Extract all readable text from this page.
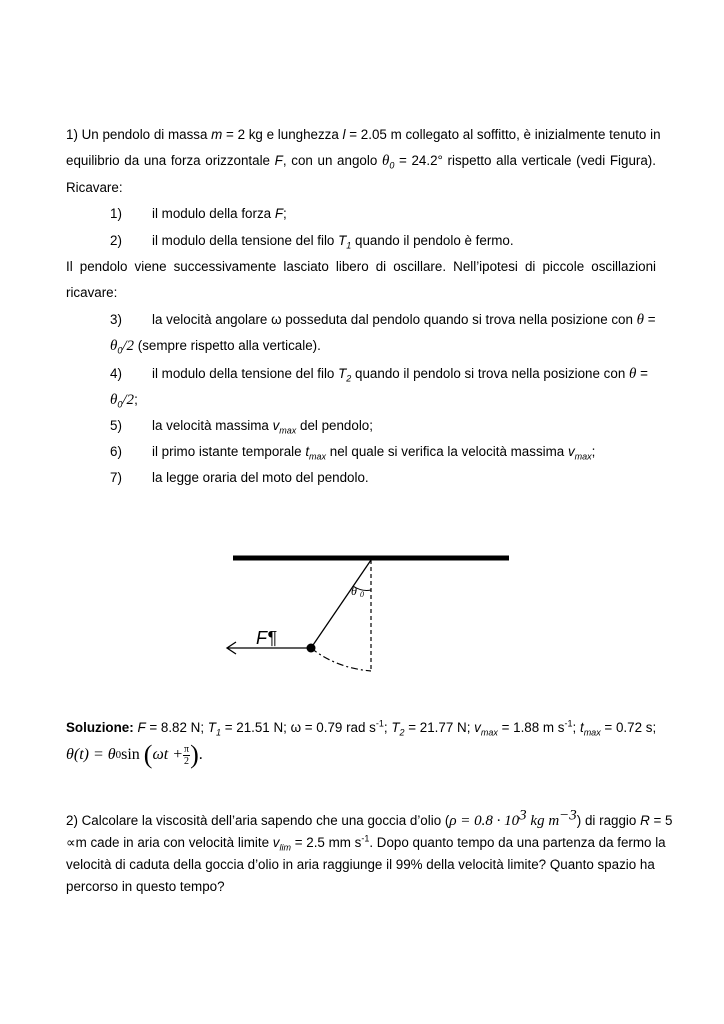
1) Un pendolo di massa m = 2 kg e lunghezza l = 2.05 m collegato al soffitto, è inizialmente tenuto in
equilibrio da una forza orizzontale F, con un angolo $\theta_0 = 24.2^\circ$ rispetto alla verticale (vedi Figura).
Ricavare:
1) il modulo della forza F;
2) il modulo della tensione del filo $T_1$ quando il pendolo è fermo.
Il pendolo viene successivamente lasciato libero di oscillare. Nell’ipotesi di piccole oscillazioni
ricavare:
3) la velocità angolare ω posseduta dal pendolo quando si trova nella posizione con θ =
$\theta_0/2$ (sempre rispetto alla verticale).
4) il modulo della tensione del filo $T_2$ quando il pendolo si trova nella posizione con θ =
$\theta_0/2$;
5) la velocità massima $v_{max}$ del pendolo;
6) il primo istante temporale $t_{max}$ nel quale si verifica la velocità massima $v_{max}$;
7) la legge oraria del moto del pendolo.
F¶
θ 0
Soluzione: F = 8.82 N; $T_1 = 21.51$ N; ω = 0.79 rad $s^{-1}$; $T_2 = 21.77$ N; $v_{max} = 1.88$ m $s^{-1}$; $t_{max} = 0.72$ s;
θ(t) = θ 0 sin ( $\omega t + \frac{\pi}{2}$ ) .
2) Calcolare la viscosità dell’aria sapendo che una goccia d’olio ($\rho = 0.8 \cdot 10^3$ kg $m^{-3}$) di raggio R = 5
∝m cade in aria con velocità limite $v_{lim} = 2.5$ mm $s^{-1}$. Dopo quanto tempo da una partenza da fermo la
velocità di caduta della goccia d’olio in aria raggiunge il 99% della velocità limite? Quanto spazio ha
percorso in questo tempo?
